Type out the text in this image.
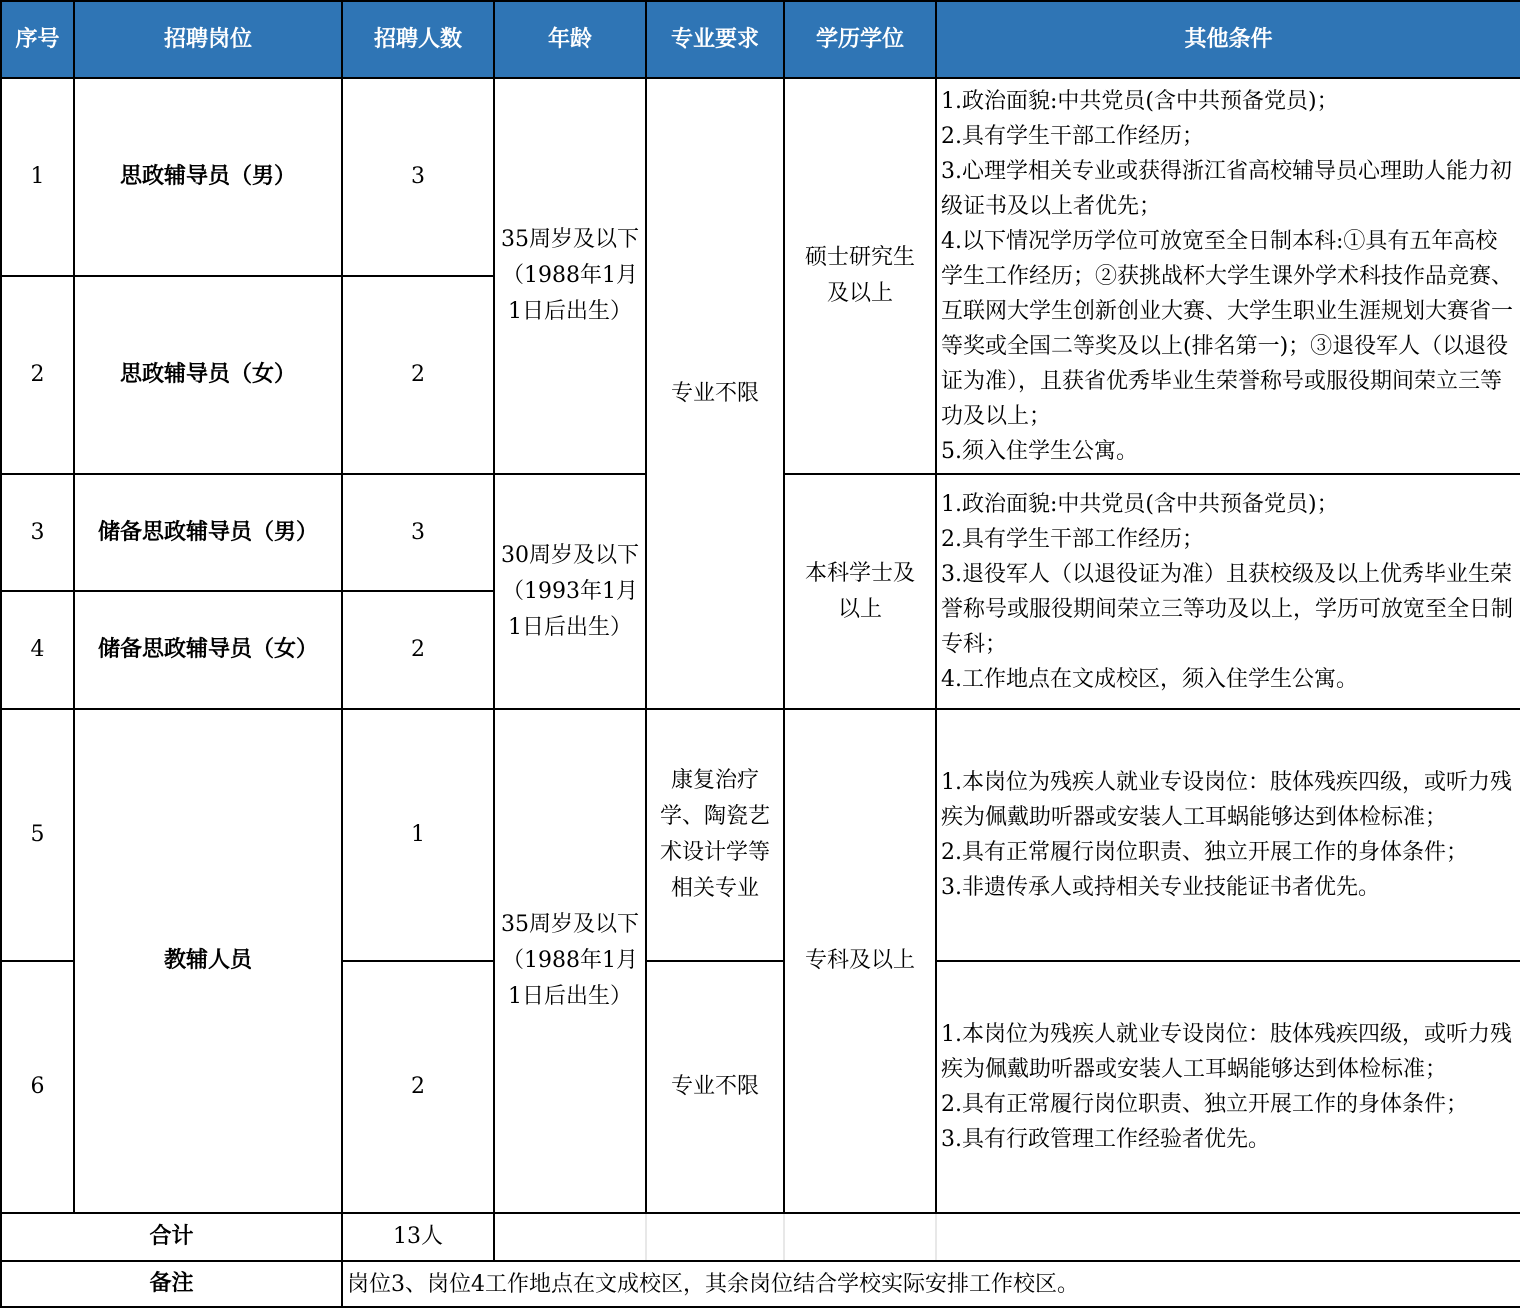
序号	招聘岗位	招聘人数	年龄	专业要求	学历学位	其他条件
1	思政辅导员（男）	3	35周岁及以下（1988年1月1日后出生）	专业不限	硕士研究生及以上	1.政治面貌:中共党员(含中共预备党员)；
2.具有学生干部工作经历；
3.心理学相关专业或获得浙江省高校辅导员心理助人能力初级证书及以上者优先；
4.以下情况学历学位可放宽至全日制本科:①具有五年高校学生工作经历；②获挑战杯大学生课外学术科技作品竞赛、互联网大学生创新创业大赛、大学生职业生涯规划大赛省一等奖或全国二等奖及以上(排名第一)；③退役军人（以退役证为准），且获省优秀毕业生荣誉称号或服役期间荣立三等功及以上；
5.须入住学生公寓。

2	思政辅导员（女）	2				
3	储备思政辅导员（男）	3	30周岁及以下（1993年1月1日后出生）		本科学士及以上	1.政治面貌:中共党员(含中共预备党员)；
2.具有学生干部工作经历；
3.退役军人（以退役证为准）且获校级及以上优秀毕业生荣誉称号或服役期间荣立三等功及以上，学历可放宽至全日制专科；
4.工作地点在文成校区，须入住学生公寓。

4	储备思政辅导员（女）	2				
5	教辅人员	1	35周岁及以下（1988年1月1日后出生）	康复治疗学、陶瓷艺术设计学等相关专业	专科及以上	1.本岗位为残疾人就业专设岗位：肢体残疾四级，或听力残疾为佩戴助听器或安装人工耳蜗能够达到体检标准；
2.具有正常履行岗位职责、独立开展工作的身体条件；
3.非遗传承人或持相关专业技能证书者优先。

6		2		专业不限		1.本岗位为残疾人就业专设岗位：肢体残疾四级，或听力残疾为佩戴助听器或安装人工耳蜗能够达到体检标准；
2.具有正常履行岗位职责、独立开展工作的身体条件；
3.具有行政管理工作经验者优先。

合计		13人				
备注		岗位3、岗位4工作地点在文成校区，其余岗位结合学校实际安排工作校区。				
